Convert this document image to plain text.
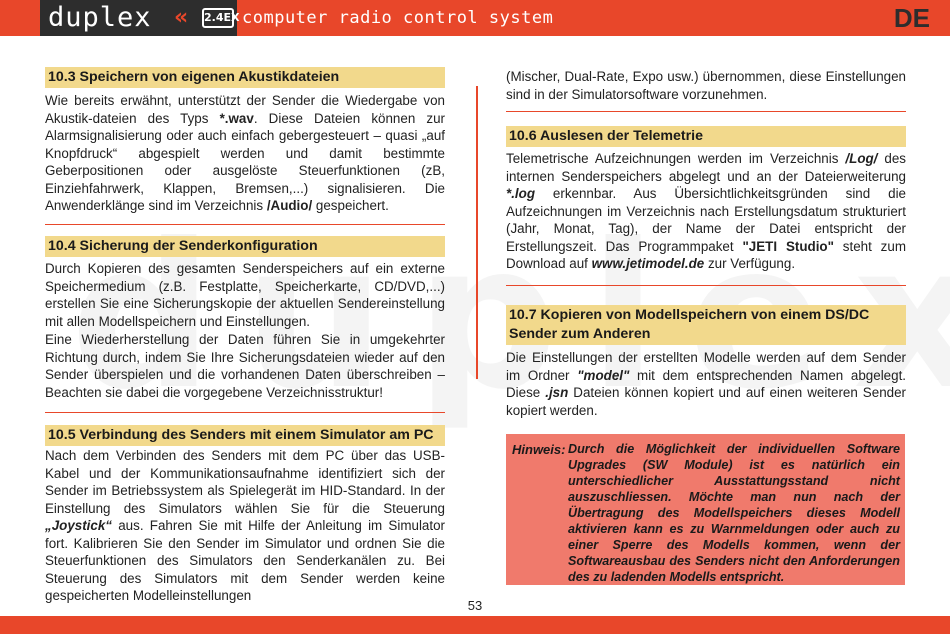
duplex « 2.4EX computer radio control system	DE
10.3 Speichern von eigenen Akustikdateien
Wie bereits erwähnt, unterstützt der Sender die Wiedergabe von Akustik-dateien des Typs *.wav. Diese Dateien können zur Alarmsignalisierung oder auch einfach gebergesteuert – quasi „auf Knopfdruck“ abgespielt werden und damit bestimmte Geberpositionen oder ausgelöste Steuerfunktionen (zB, Einziehfahrwerk, Klappen, Bremsen,...) signalisieren. Die Anwenderklänge sind im Verzeichnis /Audio/ gespeichert.
10.4 Sicherung der Senderkonfiguration
Durch Kopieren des gesamten Senderspeichers auf ein externe Speichermedium (z.B. Festplatte, Speicherkarte, CD/DVD,...) erstellen Sie eine Sicherungskopie der aktuellen Sendereinstellung mit allen Modellspeichern und Einstellungen.
Eine Wiederherstellung der Daten führen Sie in umgekehrter Richtung durch, indem Sie Ihre Sicherungsdateien wieder auf den Sender überspielen und die vorhandenen Daten überschreiben – Beachten sie dabei die vorgegebene Verzeichnisstruktur!
10.5 Verbindung des Senders mit einem Simulator am PC
Nach dem Verbinden des Senders mit dem PC über das USB-Kabel und der Kommunikationsaufnahme identifiziert sich der Sender im Betriebssystem als Spielegerät im HID-Standard. In der Einstellung des Simulators wählen Sie für die Steuerung „Joystick“ aus. Fahren Sie mit Hilfe der Anleitung im Simulator fort. Kalibrieren Sie den Sender im Simulator und ordnen Sie die Steuerfunktionen des Simulators den Senderkanälen zu. Bei Steuerung des Simulators mit dem Sender werden keine gespeicherten Modelleinstellungen
(Mischer, Dual-Rate, Expo usw.) übernommen, diese Einstellungen sind in der Simulatorsoftware vorzunehmen.
10.6 Auslesen der Telemetrie
Telemetrische Aufzeichnungen werden im Verzeichnis /Log/ des internen Senderspeichers abgelegt und an der Dateierweiterung *.log erkennbar. Aus Übersichtlichkeitsgründen sind die Aufzeichnungen im Verzeichnis nach Erstellungsdatum strukturiert (Jahr, Monat, Tag), der Name der Datei entspricht der Erstellungszeit. Das Programmpaket "JETI Studio" steht zum Download auf www.jetimodel.de zur Verfügung.
10.7 Kopieren von Modellspeichern von einem DS/DC Sender zum Anderen
Die Einstellungen der erstellten Modelle werden auf dem Sender im Ordner "model" mit dem entsprechenden Namen abgelegt. Diese .jsn Dateien können kopiert und auf einen weiteren Sender kopiert werden.
Hinweis: Durch die Möglichkeit der individuellen Software Upgrades (SW Module) ist es natürlich ein unterschiedlicher Ausstattungsstand nicht auszuschliessen. Möchte man nun nach der Übertragung des Modellspeichers dieses Modell aktivieren kann es zu Warnmeldungen oder auch zu einer Sperre des Modells kommen, wenn der Softwareausbau des Senders nicht den Anforderungen des zu ladenden Modells entspricht.
53
